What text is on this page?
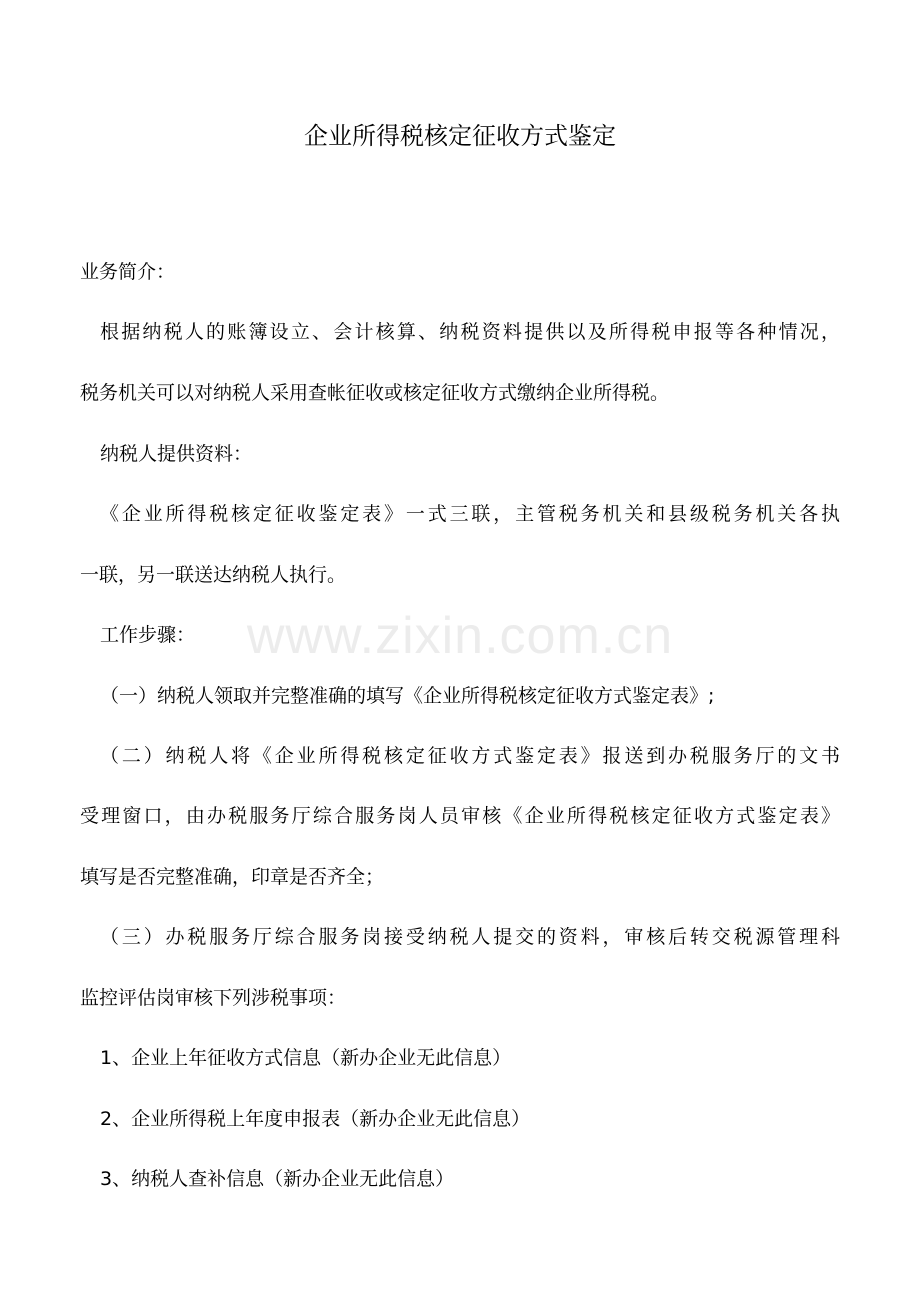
企业所得税核定征收方式鉴定
业务简介：
根据纳税人的账簿设立、会计核算、纳税资料提供以及所得税申报等各种情况，
税务机关可以对纳税人采用查帐征收或核定征收方式缴纳企业所得税。
纳税人提供资料：
《企业所得税核定征收鉴定表》一式三联，主管税务机关和县级税务机关各执
一联，另一联送达纳税人执行。
工作步骤：
（一）纳税人领取并完整准确的填写《企业所得税核定征收方式鉴定表》;
（二）纳税人将《企业所得税核定征收方式鉴定表》报送到办税服务厅的文书
受理窗口，由办税服务厅综合服务岗人员审核《企业所得税核定征收方式鉴定表》
填写是否完整准确，印章是否齐全；
（三）办税服务厅综合服务岗接受纳税人提交的资料，审核后转交税源管理科
监控评估岗审核下列涉税事项：
1、企业上年征收方式信息（新办企业无此信息）
2、企业所得税上年度申报表（新办企业无此信息）
3、纳税人查补信息（新办企业无此信息）
www.zixin.com.cn
